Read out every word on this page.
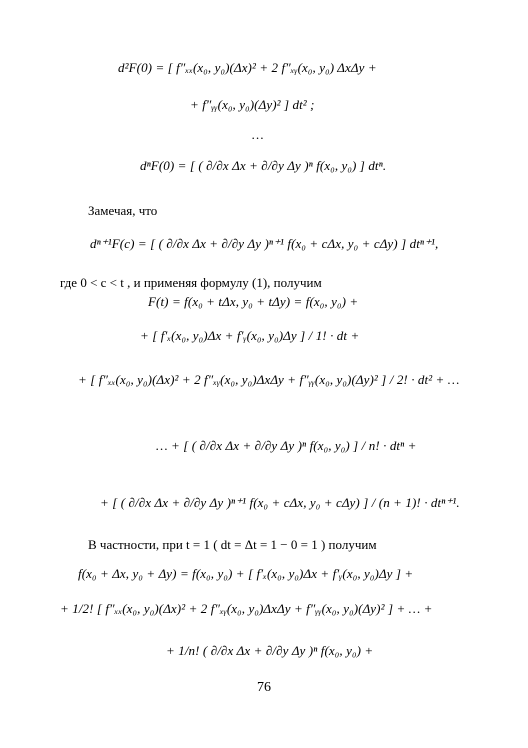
d²F(0) = [ f″ₓₓ(x₀, y₀)(Δx)² + 2 f″ₓᵧ(x₀, y₀) ΔxΔy +
+ f″ᵧᵧ(x₀, y₀)(Δy)² ] dt² ;
…
dⁿF(0) = [ ( ∂/∂x Δx + ∂/∂y Δy )ⁿ f(x₀, y₀) ] dtⁿ.
Замечая, что
dⁿ⁺¹F(c) = [ ( ∂/∂x Δx + ∂/∂y Δy )ⁿ⁺¹ f(x₀ + cΔx, y₀ + cΔy) ] dtⁿ⁺¹,
где 0 < c < t , и применяя формулу (1), получим
F(t) = f(x₀ + tΔx, y₀ + tΔy) = f(x₀, y₀) +
+ [ f′ₓ(x₀, y₀)Δx + f′ᵧ(x₀, y₀)Δy ] / 1! · dt +
+ [ f″ₓₓ(x₀, y₀)(Δx)² + 2 f″ₓᵧ(x₀, y₀)ΔxΔy + f″ᵧᵧ(x₀, y₀)(Δy)² ] / 2! · dt² + …
… + [ ( ∂/∂x Δx + ∂/∂y Δy )ⁿ f(x₀, y₀) ] / n! · dtⁿ +
+ [ ( ∂/∂x Δx + ∂/∂y Δy )ⁿ⁺¹ f(x₀ + cΔx, y₀ + cΔy) ] / (n + 1)! · dtⁿ⁺¹.
В частности, при t = 1 ( dt = Δt = 1 − 0 = 1 ) получим
f(x₀ + Δx, y₀ + Δy) = f(x₀, y₀) + [ f′ₓ(x₀, y₀)Δx + f′ᵧ(x₀, y₀)Δy ] +
+ 1/2! [ f″ₓₓ(x₀, y₀)(Δx)² + 2 f″ₓᵧ(x₀, y₀)ΔxΔy + f″ᵧᵧ(x₀, y₀)(Δy)² ] + … +
+ 1/n! ( ∂/∂x Δx + ∂/∂y Δy )ⁿ f(x₀, y₀) +
76
